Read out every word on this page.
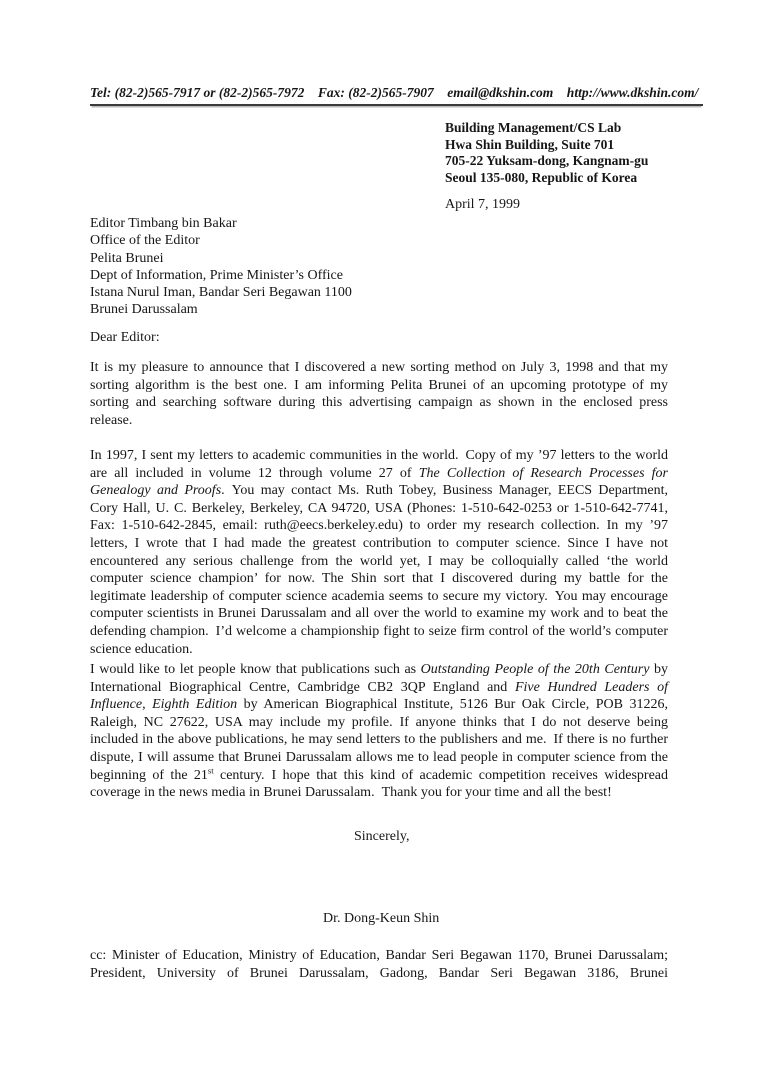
Tel: (82-2)565-7917 or (82-2)565-7972 Fax: (82-2)565-7907 email@dkshin.com http://www.dkshin.com/
Building Management/CS Lab
Hwa Shin Building, Suite 701
705-22 Yuksam-dong, Kangnam-gu
Seoul 135-080, Republic of Korea
April 7, 1999
Editor Timbang bin Bakar
Office of the Editor
Pelita Brunei
Dept of Information, Prime Minister’s Office
Istana Nurul Iman, Bandar Seri Begawan 1100
Brunei Darussalam
Dear Editor:
It is my pleasure to announce that I discovered a new sorting method on July 3, 1998 and that my sorting algorithm is the best one. I am informing Pelita Brunei of an upcoming prototype of my sorting and searching software during this advertising campaign as shown in the enclosed press release.
In 1997, I sent my letters to academic communities in the world. Copy of my ’97 letters to the world are all included in volume 12 through volume 27 of The Collection of Research Processes for Genealogy and Proofs. You may contact Ms. Ruth Tobey, Business Manager, EECS Department, Cory Hall, U. C. Berkeley, Berkeley, CA 94720, USA (Phones: 1-510-642-0253 or 1-510-642-7741, Fax: 1-510-642-2845, email: ruth@eecs.berkeley.edu) to order my research collection. In my ’97 letters, I wrote that I had made the greatest contribution to computer science. Since I have not encountered any serious challenge from the world yet, I may be colloquially called ‘the world computer science champion’ for now. The Shin sort that I discovered during my battle for the legitimate leadership of computer science academia seems to secure my victory. You may encourage computer scientists in Brunei Darussalam and all over the world to examine my work and to beat the defending champion. I’d welcome a championship fight to seize firm control of the world’s computer science education.
I would like to let people know that publications such as Outstanding People of the 20th Century by International Biographical Centre, Cambridge CB2 3QP England and Five Hundred Leaders of Influence, Eighth Edition by American Biographical Institute, 5126 Bur Oak Circle, POB 31226, Raleigh, NC 27622, USA may include my profile. If anyone thinks that I do not deserve being included in the above publications, he may send letters to the publishers and me. If there is no further dispute, I will assume that Brunei Darussalam allows me to lead people in computer science from the beginning of the 21st century. I hope that this kind of academic competition receives widespread coverage in the news media in Brunei Darussalam. Thank you for your time and all the best!
Sincerely,
Dr. Dong-Keun Shin
cc: Minister of Education, Ministry of Education, Bandar Seri Begawan 1170, Brunei Darussalam; President, University of Brunei Darussalam, Gadong, Bandar Seri Begawan 3186, Brunei
